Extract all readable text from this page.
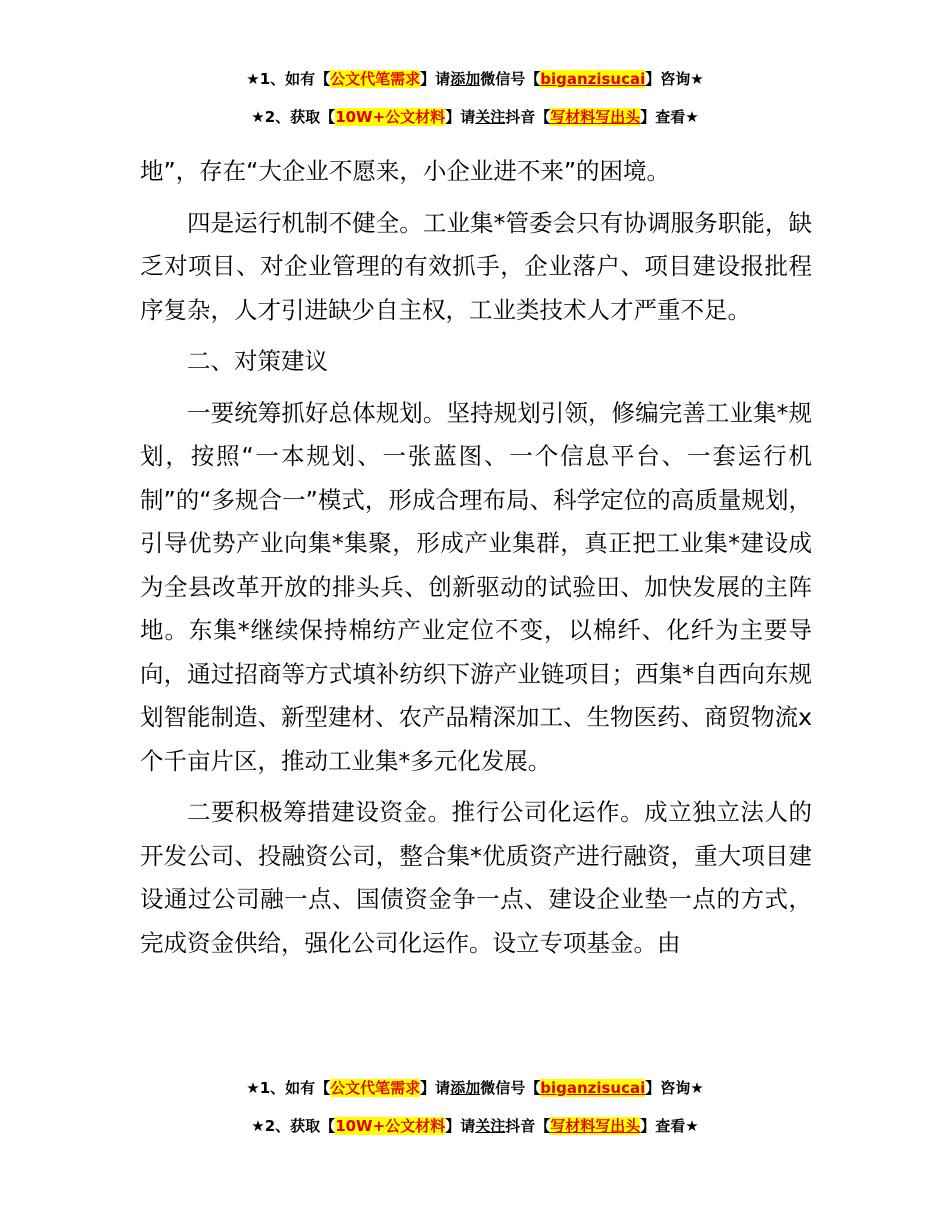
★1、如有【公文代笔需求】请添加微信号【biganzisucai】咨询★
★2、获取【10W+公文材料】请关注抖音【写材料写出头】查看★

地”，存在“大企业不愿来，小企业进不来”的困境。

四是运行机制不健全。工业集*管委会只有协调服务职能，缺乏对项目、对企业管理的有效抓手，企业落户、项目建设报批程序复杂，人才引进缺少自主权，工业类技术人才严重不足。

二、对策建议

一要统筹抓好总体规划。坚持规划引领，修编完善工业集*规划，按照“一本规划、一张蓝图、一个信息平台、一套运行机制”的“多规合一”模式，形成合理布局、科学定位的高质量规划，引导优势产业向集*集聚，形成产业集群，真正把工业集*建设成为全县改革开放的排头兵、创新驱动的试验田、加快发展的主阵地。东集*继续保持棉纺产业定位不变，以棉纤、化纤为主要导向，通过招商等方式填补纺织下游产业链项目；西集*自西向东规划智能制造、新型建材、农产品精深加工、生物医药、商贸物流x个千亩片区，推动工业集*多元化发展。

二要积极筹措建设资金。推行公司化运作。成立独立法人的开发公司、投融资公司，整合集*优质资产进行融资，重大项目建设通过公司融一点、国债资金争一点、建设企业垫一点的方式，完成资金供给，强化公司化运作。设立专项基金。由

★1、如有【公文代笔需求】请添加微信号【biganzisucai】咨询★
★2、获取【10W+公文材料】请关注抖音【写材料写出头】查看★
